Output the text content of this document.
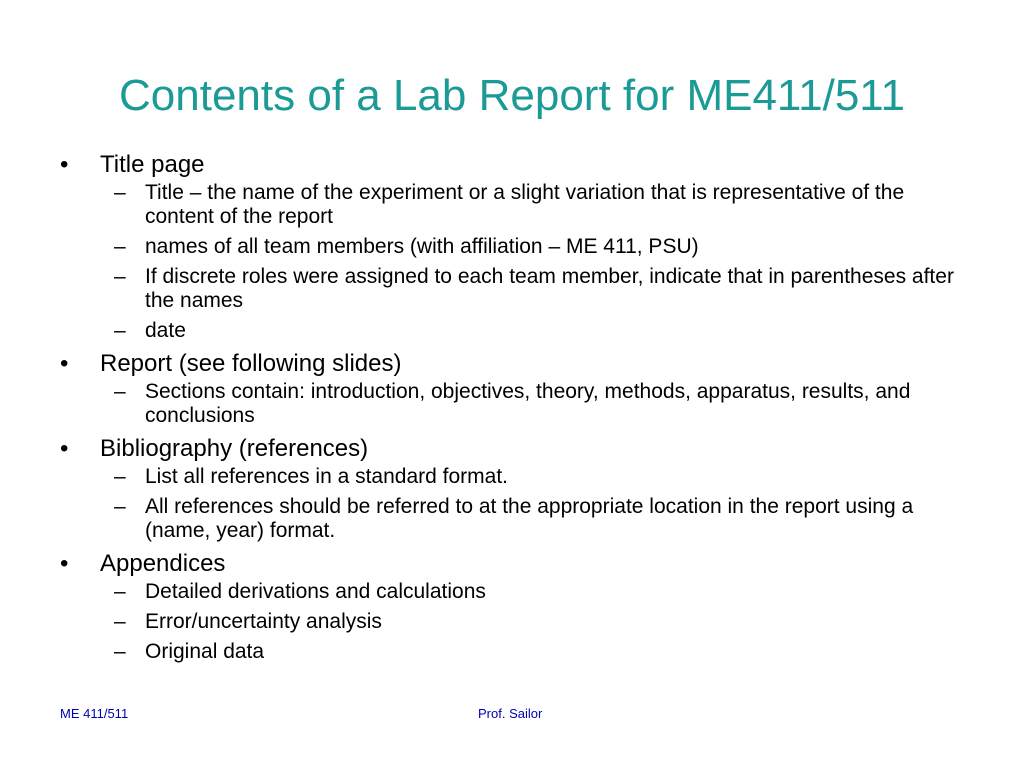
Contents of a Lab Report for ME411/511
•	Title page
– Title – the name of the experiment or a slight variation that is representative of the content of the report
– names of all team members (with affiliation – ME 411, PSU)
– If discrete roles were assigned to each team member, indicate that in parentheses after the names
– date
•	Report (see following slides)
– Sections contain: introduction, objectives, theory, methods, apparatus, results, and conclusions
•	Bibliography (references)
– List all references in a standard format.
– All references should be referred to at the appropriate location in the report using a (name, year) format.
•	Appendices
– Detailed derivations and calculations
– Error/uncertainty analysis
– Original data
ME 411/511	Prof. Sailor
